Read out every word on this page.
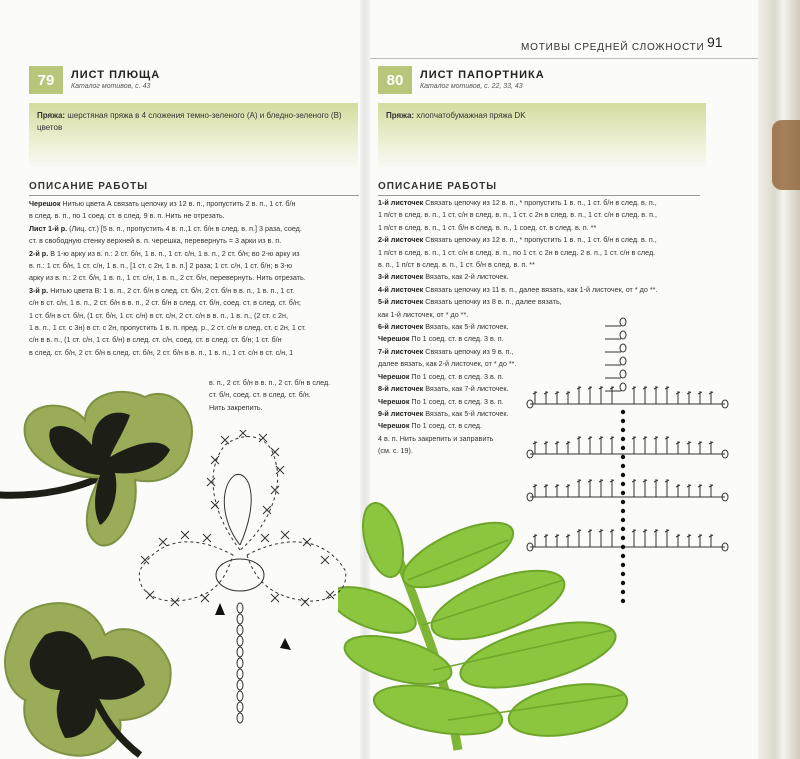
МОТИВЫ СРЕДНЕЙ СЛОЖНОСТИ 91
79	ЛИСТ ПЛЮЩА
Каталог мотивов, с. 43
Пряжа: шерстяная пряжа в 4 сложения темно-зеленого (А) и бледно-зеленого (В) цветов
ОПИСАНИЕ РАБОТЫ
Черешок Нитью цвета А связать цепочку из 12 в. п., пропустить 2 в. п., 1 ст. б/н
в след. в. п., по 1 соед. ст. в след. 9 в. п. Нить не отрезать.
Лист 1-й р. (Лиц. ст.) [5 в. п., пропустить 4 в. п.,1 ст. б/н в след. в. п.] 3 раза, соед.
ст. в свободную стенку верхней в. п. черешка, перевернуть = 3 арки из в. п.
2-й р. В 1-ю арку из в. п.: 2 ст. б/н, 1 в. п., 1 ст. с/н, 1 в. п., 2 ст. б/н; во 2-ю арку из
в. п.: 1 ст. б/н, 1 ст. с/н, 1 в. п., [1 ст. с 2н, 1 в. п.] 2 раза; 1 ст. с/н, 1 ст. б/н; в 3-ю
арку из в. п.: 2 ст. б/н, 1 в. п., 1 ст. с/н, 1 в. п., 2 ст. б/н, перевернуть. Нить отрезать.
3-й р. Нитью цвета В: 1 в. п., 2 ст. б/н в след. ст. б/н, 2 ст. б/н в в. п., 1 в. п., 1 ст.
с/н в ст. с/н, 1 в. п., 2 ст. б/н в в. п., 2 ст. б/н в след. ст. б/н, соед. ст. в след. ст. б/н;
1 ст. б/н в ст. б/н, (1 ст. б/н, 1 ст. с/н) в ст. с/н, 2 ст. с/н в в. п., 1 в. п., (2 ст. с 2н,
1 в. п., 1 ст. с 3н) в ст. с 2н, пропустить 1 в. п. пред. р., 2 ст. с/н в след. ст. с 2н, 1 ст.
с/н в в. п., (1 ст. с/н, 1 ст. б/н) в след. ст. с/н, соед. ст. в след. ст. б/н; 1 ст. б/н
в след. ст. б/н, 2 ст. б/н в след. ст. б/н, 2 ст. б/н в в. п., 1 в. п., 1 ст. с/н в ст. с/н, 1
в. п., 2 ст. б/н в в. п., 2 ст. б/н в след.
ст. б/н, соед. ст. в след. ст. б/н.
Нить закрепить.
80	ЛИСТ ПАПОРТНИКА
Каталог мотивов, с. 22, 33, 43
Пряжа: хлопчатобумажная пряжа DK
ОПИСАНИЕ РАБОТЫ
1-й листочек Связать цепочку из 12 в. п., * пропустить 1 в. п., 1 ст. б/н в след. в. п.,
1 п/ст в след. в. п., 1 ст. с/н в след. в. п., 1 ст. с 2н в след. в. п., 1 ст. с/н в след. в. п.,
1 п/ст в след. в. п., 1 ст. б/н в след. в. п., 1 соед. ст. в след. в. п. **
2-й листочек Связать цепочку из 12 в. п., * пропустить 1 в. п., 1 ст. б/н в след. в. п.,
1 п/ст в след. в. п., 1 ст. с/н в след. в. п., по 1 ст. с 2н в след. 2 в. п., 1 ст. с/н в след.
в. п., 1 п/ст в след. в. п., 1 ст. б/н в след. в. п. **
3-й листочек Вязать, как 2-й листочек.
4-й листочек Связать цепочку из 11 в. п., далее вязать, как 1-й листочек, от * до **.
5-й листочек Связать цепочку из 8 в. п., далее вязать,
как 1-й листочек, от * до **.
6-й листочек Вязать, как 5-й листочек.
Черешок По 1 соед. ст. в след. 3 в. п.
7-й листочек Связать цепочку из 9 в. п.,
далее вязать, как 2-й листочек, от * до **.
Черешок По 1 соед. ст. в след. 3 в. п.
8-й листочек Вязать, как 7-й листочек.
Черешок По 1 соед. ст. в след. 3 в. п.
9-й листочек Вязать, как 5-й листочек.
Черешок По 1 соед. ст. в след.
4 в. п. Нить закрепить и заправить
(см. с. 19).
